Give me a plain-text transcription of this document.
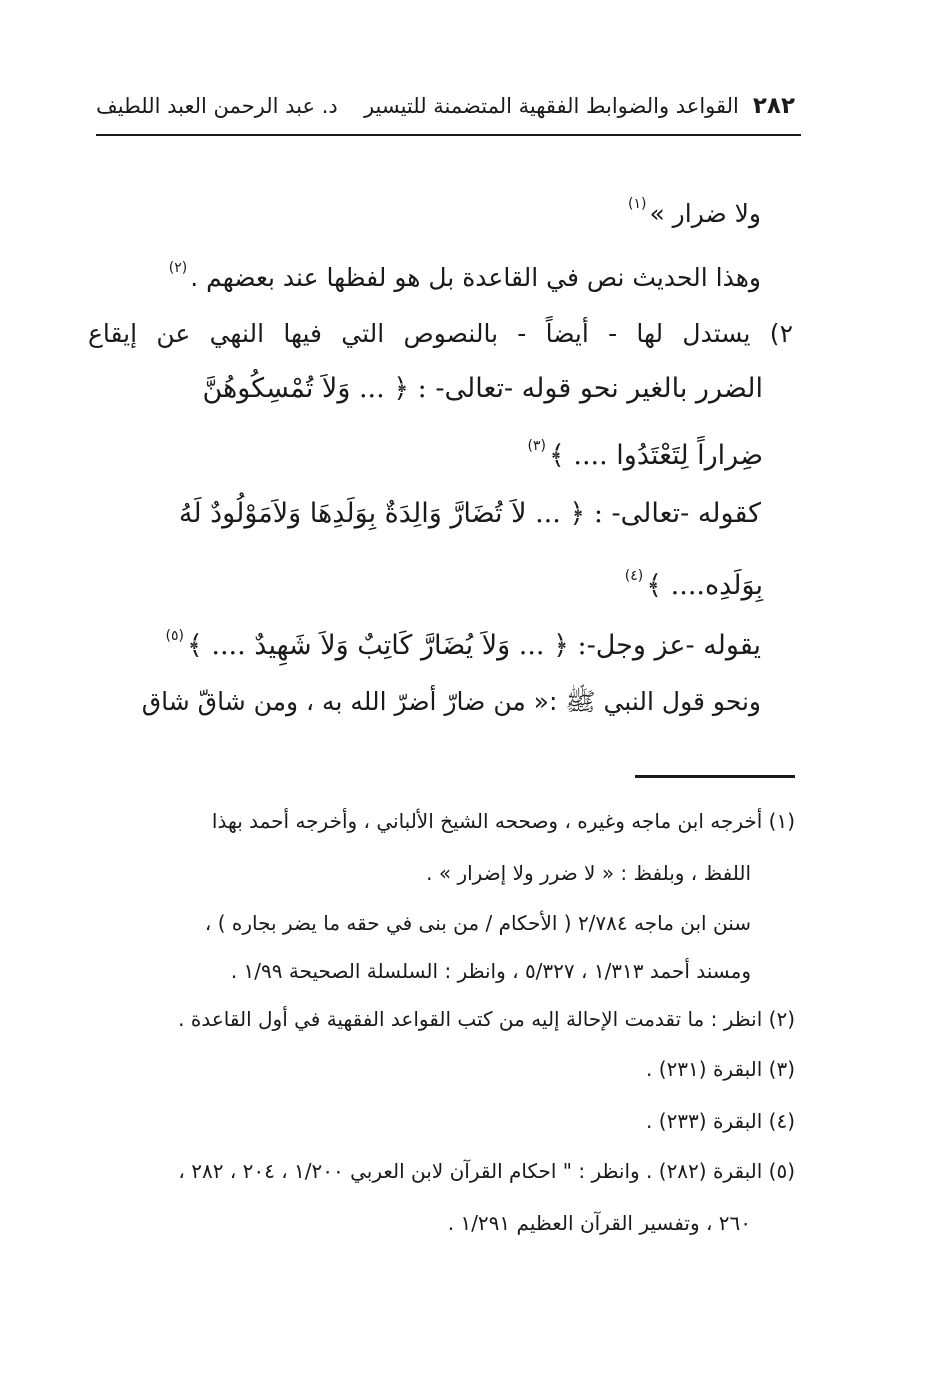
٢٨٢
القواعد والضوابط الفقهية المتضمنة للتيسير
د. عبد الرحمن العبد اللطيف
ولا ضرار »$^{(١)}$
وهذا الحديث نص في القاعدة بل هو لفظها عند بعضهم .$^{(٢)}$
٢) يستدل لها - أيضاً - بالنصوص التي فيها النهي عن إيقاع
الضرر بالغير نحو قوله -تعالى- : ﴿ ... وَلاَ تُمْسِكُوهُنَّ
ضِراراً لِتَعْتَدُوا .... ﴾$^{(٣)}$
كقوله -تعالى- : ﴿ ... لاَ تُضَارَّ وَالِدَةٌ بِوَلَدِهَا وَلاَمَوْلُودٌ لَهُ
بِوَلَدِه.... ﴾$^{(٤)}$
يقوله -عز وجل-: ﴿ ... وَلاَ يُضَارَّ كَاتِبٌ وَلاَ شَهِيدٌ .... ﴾$^{(٥)}$
ونحو قول النبي ﷺ :« من ضارّ أضرّ الله به ، ومن شاقّ شاق
(١) أخرجه ابن ماجه وغيره ، وصححه الشيخ الألباني ، وأخرجه أحمد بهذا
اللفظ ، وبلفظ : « لا ضرر ولا إضرار » .
سنن ابن ماجه ٢/٧٨٤ ( الأحكام / من بنى في حقه ما يضر بجاره ) ،
ومسند أحمد ١/٣١٣ ، ٥/٣٢٧ ، وانظر : السلسلة الصحيحة ١/٩٩ .
(٢) انظر : ما تقدمت الإحالة إليه من كتب القواعد الفقهية في أول القاعدة .
(٣) البقرة (٢٣١) .
(٤) البقرة (٢٣٣) .
(٥) البقرة (٢٨٢) . وانظر : " احكام القرآن لابن العربي ١/٢٠٠ ، ٢٠٤ ، ٢٨٢ ،
٢٦٠ ، وتفسير القرآن العظيم ١/٢٩١ .
